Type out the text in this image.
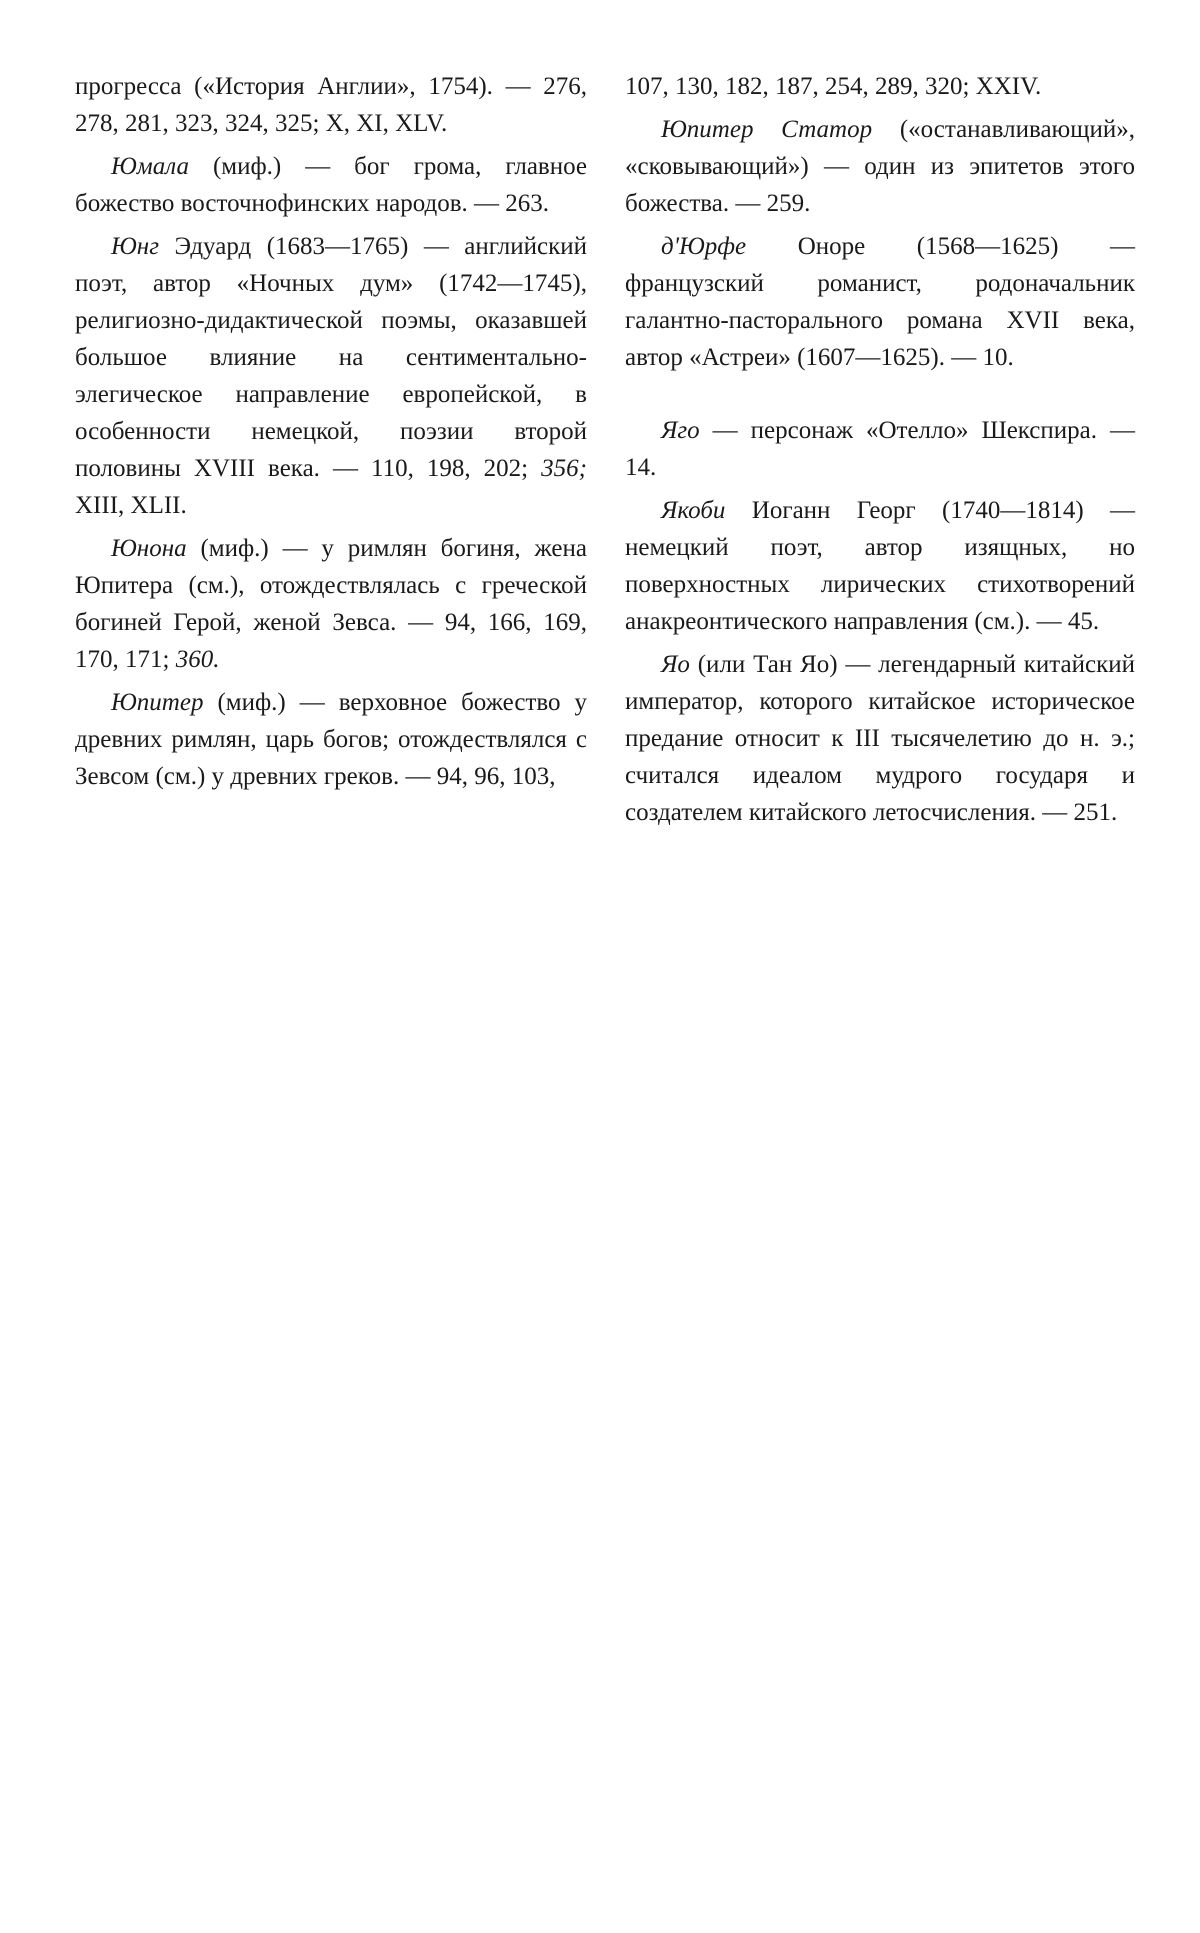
прогресса («История Англии», 1754). — 276, 278, 281, 323, 324, 325; X, XI, XLV.

Юмала (миф.) — бог грома, главное божество восточнофинских народов. — 263.

Юнг Эдуард (1683—1765) — английский поэт, автор «Ночных дум» (1742—1745), религиозно-дидактической поэмы, оказавшей большое влияние на сентиментально-элегическое направление европейской, в особенности немецкой, поэзии второй половины XVIII века. — 110, 198, 202; 356; XIII, XLII.

Юнона (миф.) — у римлян богиня, жена Юпитера (см.), отождествлялась с греческой богиней Герой, женой Зевса. — 94, 166, 169, 170, 171; 360.

Юпитер (миф.) — верховное божество у древних римлян, царь богов; отождествлялся с Зевсом (см.) у древних греков. — 94, 96, 103,

107, 130, 182, 187, 254, 289, 320; XXIV.

Юпитер Статор («останавливающий», «сковывающий») — один из эпитетов этого божества. — 259.

д'Юрфе Оноре (1568—1625) — французский романист, родоначальник галантно-пасторального романа XVII века, автор «Астреи» (1607—1625). — 10.

Яго — персонаж «Отелло» Шекспира. — 14.

Якоби Иоганн Георг (1740—1814) — немецкий поэт, автор изящных, но поверхностных лирических стихотворений анакреонтического направления (см.). — 45.

Яо (или Тан Яо) — легендарный китайский император, которого китайское историческое предание относит к III тысячелетию до н. э.; считался идеалом мудрого государя и создателем китайского летосчисления. — 251.
